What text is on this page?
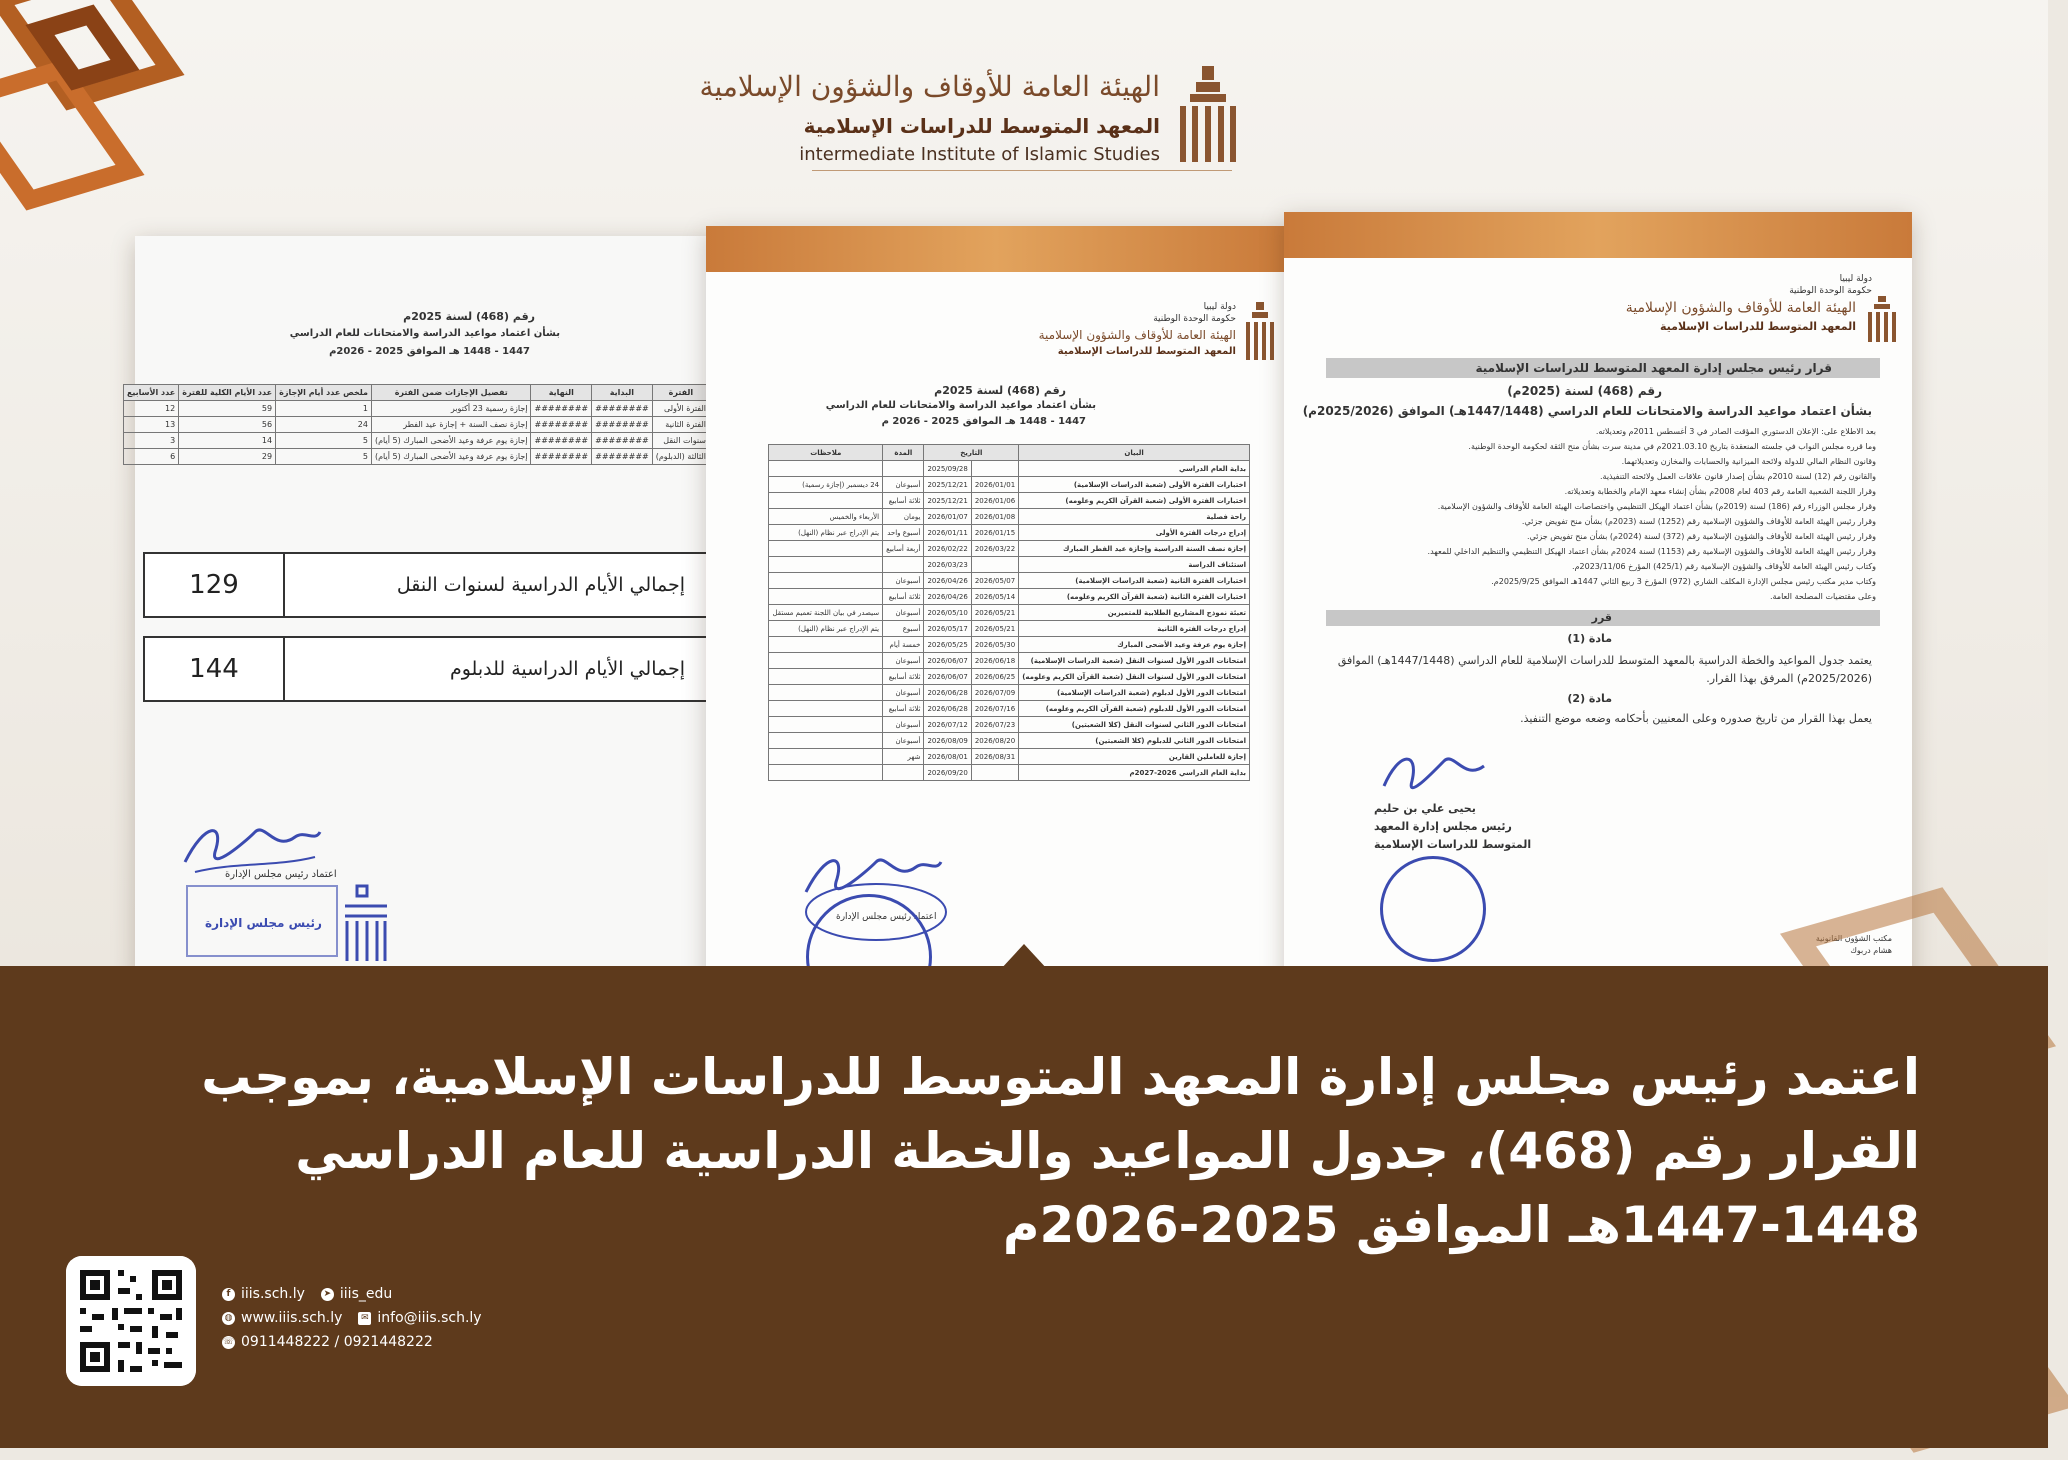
الهيئة العامة للأوقاف والشؤون الإسلامية
المعهد المتوسط للدراسات الإسلامية
intermediate Institute of Islamic Studies
رقم (468) لسنة 2025م
بشأن اعتماد مواعيد الدراسة والامتحانات للعام الدراسي
1447 - 1448 هـ الموافق 2025 - 2026م
الفترة	البداية	النهاية	تفصيل الإجازات ضمن الفترة	ملخص عدد أيام الإجازة	عدد الأيام الكلية للفترة	عدد الأسابيع
الفترة الأولى	########	########	إجازة رسمية 23 أكتوبر	1	59	12
الفترة الثانية	########	########	إجازة نصف السنة + إجازة عيد الفطر	24	56	13
سنوات النقل	########	########	إجازة يوم عرفة وعيد الأضحى المبارك (5 أيام)	5	14	3
الثالثة (الدبلوم)	########	########	إجازة يوم عرفة وعيد الأضحى المبارك (5 أيام)	5	29	6
129	إجمالي الأيام الدراسية لسنوات النقل
144	إجمالي الأيام الدراسية للدبلوم
اعتماد رئيس مجلس الإدارة
رئيس مجلس الإدارة
دولة ليبيا
حكومة الوحدة الوطنية
الهيئة العامة للأوقاف والشؤون الإسلامية
المعهد المتوسط للدراسات الإسلامية
رقم (468) لسنة 2025م
بشأن اعتماد مواعيد الدراسة والامتحانات للعام الدراسي
1447 - 1448 هـ الموافق 2025 - 2026 م
البيان	التاريخ		المدة	ملاحظات
بداية العام الدراسي		2025/09/28		
اختبارات الفترة الأولى (شعبة الدراسات الإسلامية)	2026/01/01	2025/12/21	أسبوعان	24 ديسمبر (إجازة رسمية)
اختبارات الفترة الأولى (شعبة القرآن الكريم وعلومه)	2026/01/06	2025/12/21	ثلاثة أسابيع	
راحة فصلية	2026/01/08	2026/01/07	يومان	الأربعاء والخميس
إدراج درجات الفترة الأولى	2026/01/15	2026/01/11	أسبوع واحد	يتم الإدراج عبر نظام (النهل)
إجازة نصف السنة الدراسية وإجازة عيد الفطر المبارك	2026/03/22	2026/02/22	أربعة أسابيع	
استئناف الدراسة		2026/03/23		
اختبارات الفترة الثانية (شعبة الدراسات الإسلامية)	2026/05/07	2026/04/26	أسبوعان	
اختبارات الفترة الثانية (شعبة القرآن الكريم وعلومه)	2026/05/14	2026/04/26	ثلاثة أسابيع	
تعبئة نموذج المشاريع الطلابية للمتميزين	2026/05/21	2026/05/10	أسبوعان	سيصدر في بيان اللجنة تعميم مستقل
إدراج درجات الفترة الثانية	2026/05/21	2026/05/17	أسبوع	يتم الإدراج عبر نظام (النهل)
إجازة يوم عرفة وعيد الأضحى المبارك	2026/05/30	2026/05/25	خمسة أيام	
امتحانات الدور الأول لسنوات النقل (شعبة الدراسات الإسلامية)	2026/06/18	2026/06/07	أسبوعان	
امتحانات الدور الأول لسنوات النقل (شعبة القرآن الكريم وعلومه)	2026/06/25	2026/06/07	ثلاثة أسابيع	
امتحانات الدور الأول لدبلوم (شعبة الدراسات الإسلامية)	2026/07/09	2026/06/28	أسبوعان	
امتحانات الدور الأول للدبلوم (شعبة القرآن الكريم وعلومه)	2026/07/16	2026/06/28	ثلاثة أسابيع	
امتحانات الدور الثاني لسنوات النقل (كلا الشعبتين)	2026/07/23	2026/07/12	أسبوعان	
امتحانات الدور الثاني للدبلوم (كلا الشعبتين)	2026/08/20	2026/08/09	أسبوعان	
إجازة للعاملين القارين	2026/08/31	2026/08/01	شهر	
بداية العام الدراسي 2026-2027م		2026/09/20		
اعتماد رئيس مجلس الإدارة
دولة ليبيا
حكومة الوحدة الوطنية
الهيئة العامة للأوقاف والشؤون الإسلامية
المعهد المتوسط للدراسات الإسلامية
قرار رئيس مجلس إدارة المعهد المتوسط للدراسات الإسلامية
رقم (468) لسنة (2025م)
بشأن اعتماد مواعيد الدراسة والامتحانات للعام الدراسي (1447/1448هـ) الموافق (2025/2026م)
بعد الاطلاع على: الإعلان الدستوري المؤقت الصادر في 3 أغسطس 2011م وتعديلاته.
وما قرره مجلس النواب في جلسته المنعقدة بتاريخ 2021.03.10م في مدينة سرت بشأن منح الثقة لحكومة الوحدة الوطنية.
وقانون النظام المالي للدولة ولائحة الميزانية والحسابات والمخازن وتعديلاتهما.
والقانون رقم (12) لسنة 2010م بشأن إصدار قانون علاقات العمل ولائحته التنفيذية.
وقرار اللجنة الشعبية العامة رقم 403 لعام 2008م بشأن إنشاء معهد الإمام والخطابة وتعديلاته.
وقرار مجلس الوزراء رقم (186) لسنة (2019م) بشأن اعتماد الهيكل التنظيمي واختصاصات الهيئة العامة للأوقاف والشؤون الإسلامية.
وقرار رئيس الهيئة العامة للأوقاف والشؤون الإسلامية رقم (1252) لسنة (2023م) بشأن منح تفويض جزئي.
وقرار رئيس الهيئة العامة للأوقاف والشؤون الإسلامية رقم (372) لسنة (2024م) بشأن منح تفويض جزئي.
وقرار رئيس الهيئة العامة للأوقاف والشؤون الإسلامية رقم (1153) لسنة 2024م بشأن اعتماد الهيكل التنظيمي والتنظيم الداخلي للمعهد.
وكتاب رئيس الهيئة العامة للأوقاف والشؤون الإسلامية رقم (425/1) المؤرخ 2023/11/06م.
وكتاب مدير مكتب رئيس مجلس الإدارة المكلف الشاري (972) المؤرخ 3 ربيع الثاني 1447هـ الموافق 2025/9/25م.
وعلى مقتضيات المصلحة العامة.
قرر
مادة (1)
يعتمد جدول المواعيد والخطة الدراسية بالمعهد المتوسط للدراسات الإسلامية للعام الدراسي (1447/1448هـ) الموافق (2025/2026م) المرفق بهذا القرار.
مادة (2)
يعمل بهذا القرار من تاريخ صدوره وعلى المعنيين بأحكامه وضعه موضع التنفيذ.
يحيى علي بن حليم
رئيس مجلس إدارة المعهد
المتوسط للدراسات الإسلامية
مكتب الشؤون القانونية
هشام دربوك
اعتمد رئيس مجلس إدارة المعهد المتوسط للدراسات الإسلامية، بموجب
القرار رقم (468)، جدول المواعيد والخطة الدراسية للعام الدراسي
1447-1448هـ الموافق 2025-2026م
f iiis.sch.ly	➤ iiis_edu
◍ www.iiis.sch.ly	✉ info@iiis.sch.ly
☏ 0911448222 / 0921448222
